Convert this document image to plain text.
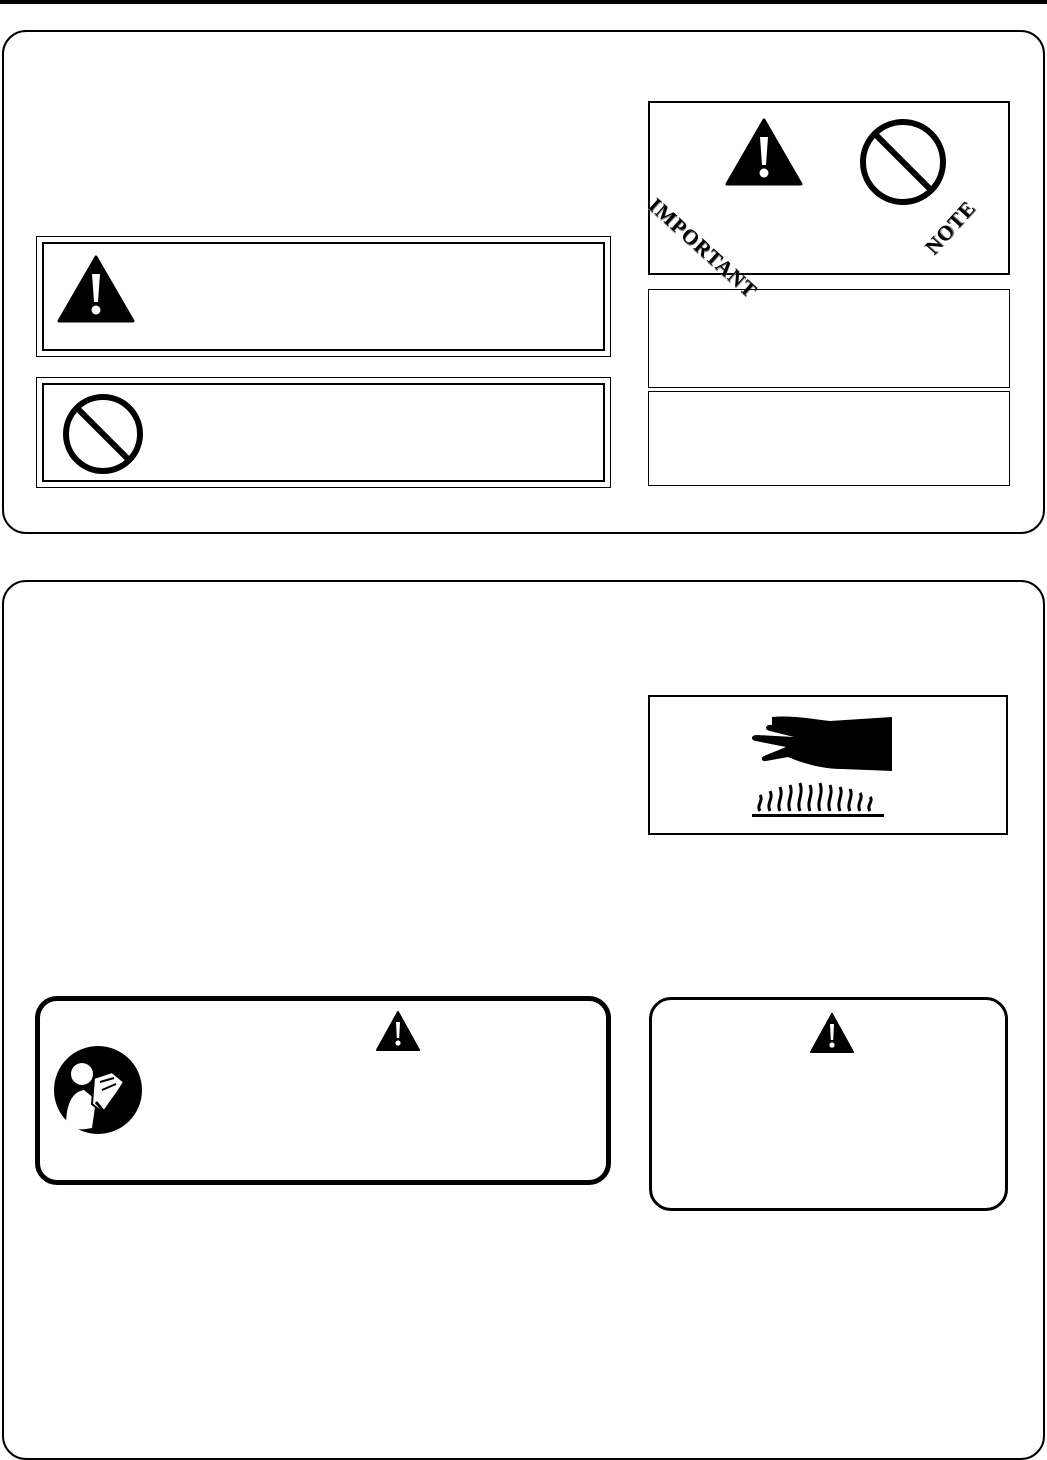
IMPORTANT	NOTE
